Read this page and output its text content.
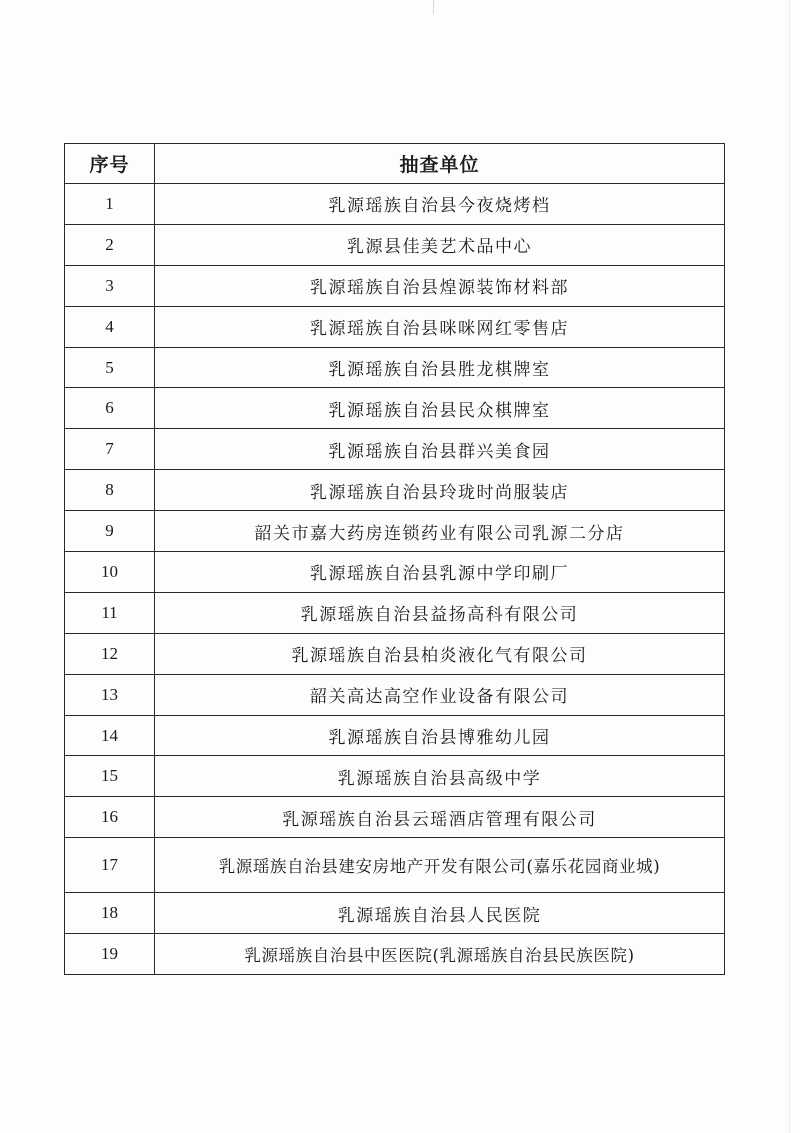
序号	抽查单位
1	乳源瑶族自治县今夜烧烤档
2	乳源县佳美艺术品中心
3	乳源瑶族自治县煌源装饰材料部
4	乳源瑶族自治县咪咪网红零售店
5	乳源瑶族自治县胜龙棋牌室
6	乳源瑶族自治县民众棋牌室
7	乳源瑶族自治县群兴美食园
8	乳源瑶族自治县玲珑时尚服装店
9	韶关市嘉大药房连锁药业有限公司乳源二分店
10	乳源瑶族自治县乳源中学印刷厂
11	乳源瑶族自治县益扬高科有限公司
12	乳源瑶族自治县柏炎液化气有限公司
13	韶关高达高空作业设备有限公司
14	乳源瑶族自治县博雅幼儿园
15	乳源瑶族自治县高级中学
16	乳源瑶族自治县云瑶酒店管理有限公司
17	乳源瑶族自治县建安房地产开发有限公司(嘉乐花园商业城)
18	乳源瑶族自治县人民医院
19	乳源瑶族自治县中医医院(乳源瑶族自治县民族医院)
